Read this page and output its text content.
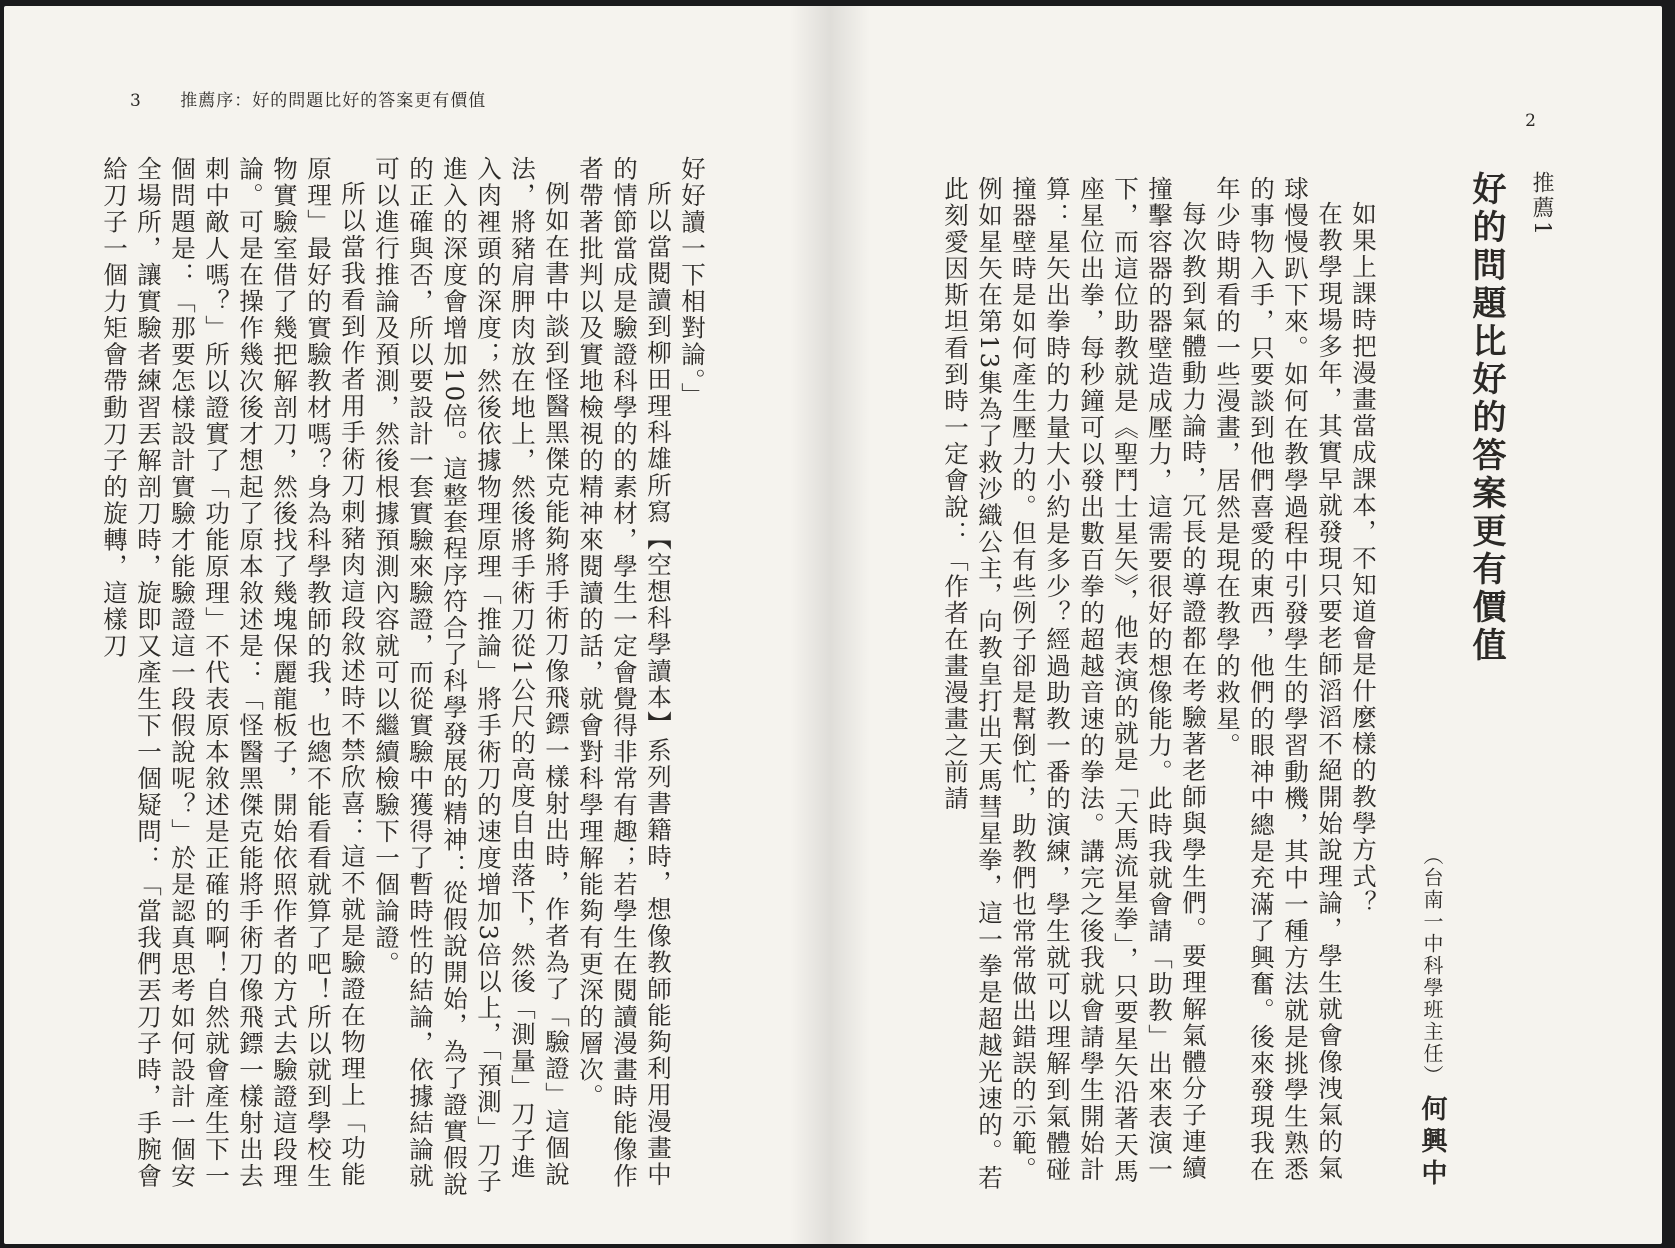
3 推薦序：好的問題比好的答案更有價值

好好讀一下相對論。」

所以當閱讀到柳田理科雄所寫【空想科學讀本】系列書籍時，想像教師能夠利用漫畫中的情節當成是驗證科學的的素材，學生一定會覺得非常有趣；若學生在閱讀漫畫時能像作者帶著批判以及實地檢視的精神來閱讀的話，就會對科學理解能夠有更深的層次。

例如在書中談到怪醫黑傑克能夠將手術刀像飛鏢一樣射出時，作者為了「驗證」這個說法，將豬肩胛肉放在地上，然後將手術刀從1公尺的高度自由落下，然後「測量」刀子進入肉裡頭的深度；然後依據物理原理「推論」將手術刀的速度增加3倍以上，「預測」刀子進入的深度會增加10倍。這整套程序符合了科學發展的精神：從假說開始，為了證實假說的正確與否，所以要設計一套實驗來驗證，而從實驗中獲得了暫時性的結論，依據結論就可以進行推論及預測，然後根據預測內容就可以繼續檢驗下一個論證。

所以當我看到作者用手術刀刺豬肉這段敘述時不禁欣喜：這不就是驗證在物理上「功能原理」最好的實驗教材嗎？身為科學教師的我，也總不能看看就算了吧！所以就到學校生物實驗室借了幾把解剖刀，然後找了幾塊保麗龍板子，開始依照作者的方式去驗證這段理論。可是在操作幾次後才想起了原本敘述是：「怪醫黑傑克能將手術刀像飛鏢一樣射出去刺中敵人嗎？」所以證實了「功能原理」不代表原本敘述是正確的啊！自然就會產生下一個問題是：「那要怎樣設計實驗才能驗證這一段假說呢？」於是認真思考如何設計一個安全場所，讓實驗者練習丟解剖刀時，旋即又產生下一個疑問：「當我們丟刀子時，手腕會給刀子一個力矩會帶動刀子的旋轉，這樣刀

2
推薦1
好的問題比好的答案更有價值
（台南一中科學班主任）何興中

如果上課時把漫畫當成課本，不知道會是什麼樣的教學方式？

在教學現場多年，其實早就發現只要老師滔滔不絕開始說理論，學生就會像洩氣的氣球慢慢趴下來。如何在教學過程中引發學生的學習動機，其中一種方法就是挑學生熟悉的事物入手，只要談到他們喜愛的東西，他們的眼神中總是充滿了興奮。後來發現我在年少時期看的一些漫畫，居然是現在教學的救星。

每次教到氣體動力論時，冗長的導證都在考驗著老師與學生們。要理解氣體分子連續撞擊容器的器壁造成壓力，這需要很好的想像能力。此時我就會請「助教」出來表演一下，而這位助教就是《聖鬥士星矢》，他表演的就是「天馬流星拳」，只要星矢沿著天馬座星位出拳，每秒鐘可以發出數百拳的超越音速的拳法。講完之後我就會請學生開始計算：星矢出拳時的力量大小約是多少？經過助教一番的演練，學生就可以理解到氣體碰撞器壁時是如何產生壓力的。但有些例子卻是幫倒忙，助教們也常常做出錯誤的示範。例如星矢在第13集為了救沙織公主，向教皇打出天馬彗星拳，這一拳是超越光速的。若此刻愛因斯坦看到時一定會說：「作者在畫漫畫之前請
